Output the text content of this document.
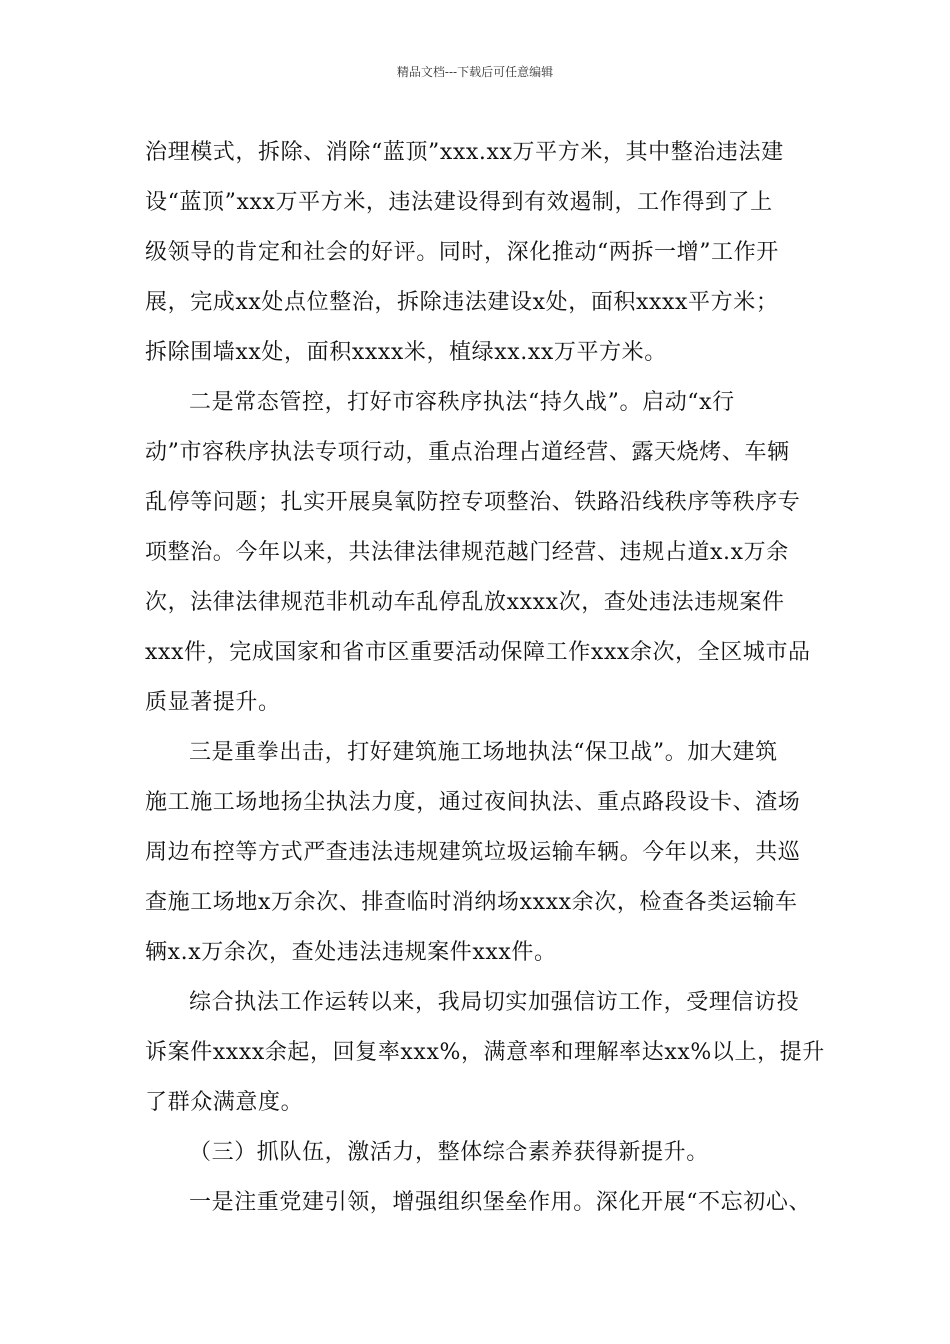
精品文档---下载后可任意编辑
治理模式，拆除、消除“蓝顶”xxx.xx万平方米，其中整治违法建
设“蓝顶”xxx万平方米，违法建设得到有效遏制，工作得到了上
级领导的肯定和社会的好评。同时，深化推动“两拆一增”工作开
展，完成xx处点位整治，拆除违法建设x处，面积xxxx平方米；
拆除围墙xx处，面积xxxx米，植绿xx.xx万平方米。
二是常态管控，打好市容秩序执法“持久战”。启动“x行
动”市容秩序执法专项行动，重点治理占道经营、露天烧烤、车辆
乱停等问题；扎实开展臭氧防控专项整治、铁路沿线秩序等秩序专
项整治。今年以来，共法律法律规范越门经营、违规占道x.x万余
次，法律法律规范非机动车乱停乱放xxxx次，查处违法违规案件
xxx件，完成国家和省市区重要活动保障工作xxx余次，全区城市品
质显著提升。
三是重拳出击，打好建筑施工场地执法“保卫战”。加大建筑
施工施工场地扬尘执法力度，通过夜间执法、重点路段设卡、渣场
周边布控等方式严查违法违规建筑垃圾运输车辆。今年以来，共巡
查施工场地x万余次、排查临时消纳场xxxx余次，检查各类运输车
辆x.x万余次，查处违法违规案件xxx件。
综合执法工作运转以来，我局切实加强信访工作，受理信访投
诉案件xxxx余起，回复率xxx%，满意率和理解率达xx%以上，提升
了群众满意度。
（三）抓队伍，激活力，整体综合素养获得新提升。
一是注重党建引领，增强组织堡垒作用。深化开展“不忘初心、
